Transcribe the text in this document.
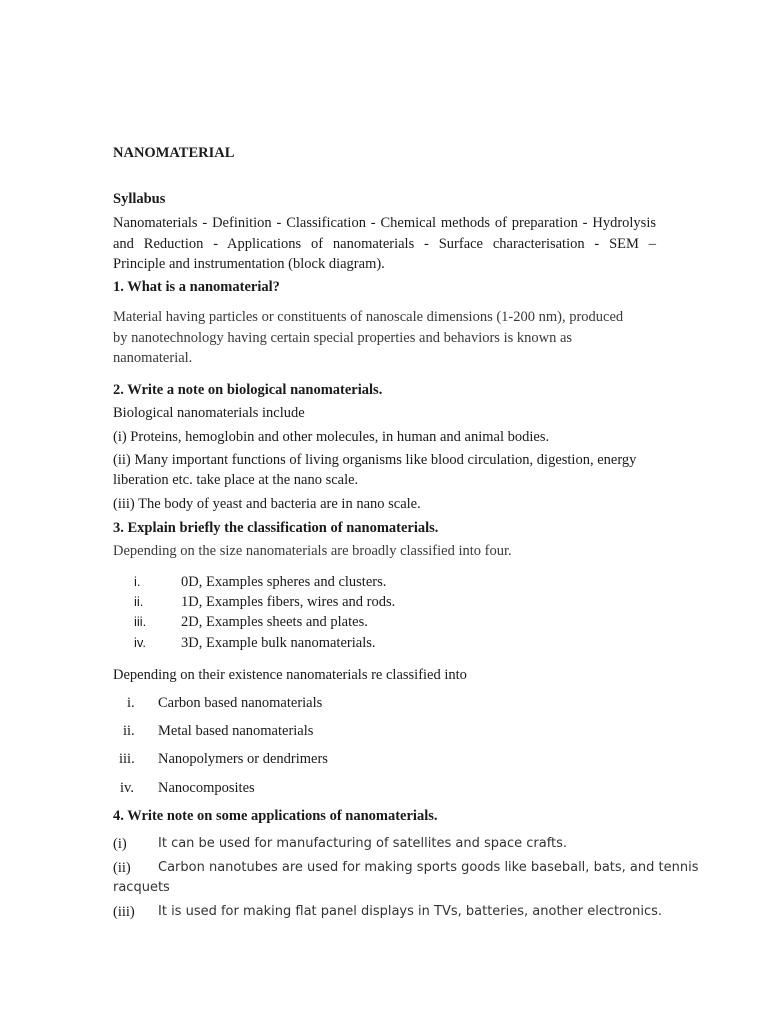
NANOMATERIAL
Syllabus
Nanomaterials - Definition - Classification - Chemical methods of preparation - Hydrolysis
and Reduction - Applications of nanomaterials - Surface characterisation - SEM –
Principle and instrumentation (block diagram).
1. What is a nanomaterial?
Material having particles or constituents of nanoscale dimensions (1-200 nm), produced
by nanotechnology having certain special properties and behaviors is known as
nanomaterial.
2. Write a note on biological nanomaterials.
Biological nanomaterials include
(i) Proteins, hemoglobin and other molecules, in human and animal bodies.
(ii) Many important functions of living organisms like blood circulation, digestion, energy
liberation etc. take place at the nano scale.
(iii) The body of yeast and bacteria are in nano scale.
3. Explain briefly the classification of nanomaterials.
Depending on the size nanomaterials are broadly classified into four.
i.	0D, Examples spheres and clusters.
ii.	1D, Examples fibers, wires and rods.
iii. 2D, Examples sheets and plates.
iv. 3D, Example bulk nanomaterials.
Depending on their existence nanomaterials re classified into
i. Carbon based nanomaterials
ii. Metal based nanomaterials
iii. Nanopolymers or dendrimers
iv. Nanocomposites
4. Write note on some applications of nanomaterials.
(i) It can be used for manufacturing of satellites and space crafts.
(ii) Carbon nanotubes are used for making sports goods like baseball, bats, and tennis
racquets
(iii) It is used for making flat panel displays in TVs, batteries, another electronics.
